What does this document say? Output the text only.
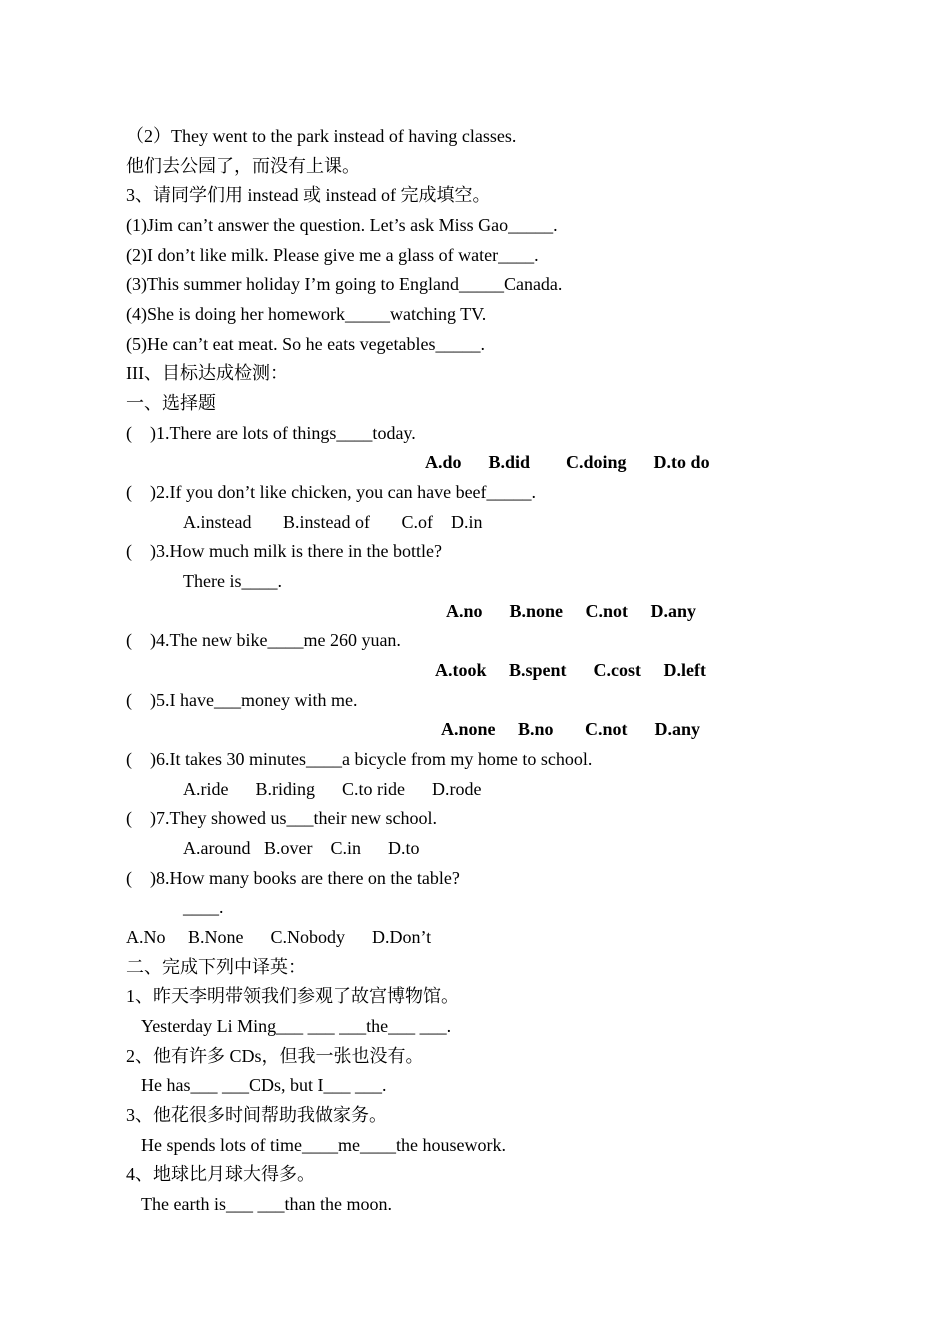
（2）They went to the park instead of having classes.
他们去公园了，而没有上课。
3、请同学们用 instead 或 instead of 完成填空。
(1)Jim can’t answer the question. Let’s ask Miss Gao_____.
(2)I don’t like milk. Please give me a glass of water____.
(3)This summer holiday I’m going to England_____Canada.
(4)She is doing her homework_____watching TV.
(5)He can’t eat meat. So he eats vegetables_____.
III、目标达成检测：
一、选择题
(    )1.There are lots of things____today.
A.do      B.did        C.doing      D.to do
(    )2.If you don’t like chicken, you can have beef_____.
A.instead       B.instead of       C.of    D.in
(    )3.How much milk is there in the bottle?
There is____.
A.no      B.none     C.not     D.any
(    )4.The new bike____me 260 yuan.
A.took     B.spent      C.cost     D.left
(    )5.I have___money with me.
A.none     B.no       C.not      D.any
(    )6.It takes 30 minutes____a bicycle from my home to school.
A.ride      B.riding      C.to ride      D.rode
(    )7.They showed us___their new school.
A.around   B.over    C.in      D.to
(    )8.How many books are there on the table?
____.
A.No     B.None      C.Nobody      D.Don’t
二、完成下列中译英：
1、昨天李明带领我们参观了故宫博物馆。
Yesterday Li Ming___ ___ ___the___ ___.
2、他有许多 CDs，但我一张也没有。
He has___ ___CDs, but I___ ___.
3、他花很多时间帮助我做家务。
He spends lots of time____me____the housework.
4、地球比月球大得多。
The earth is___ ___than the moon.
